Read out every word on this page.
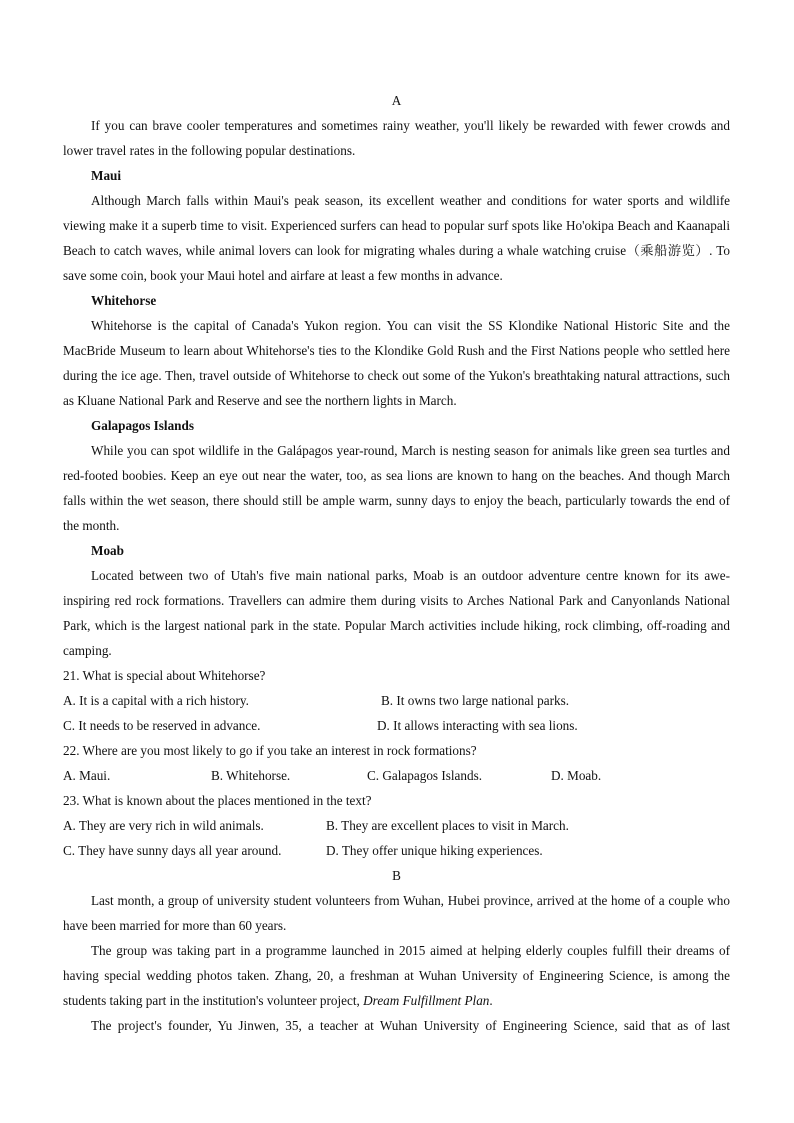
A

If you can brave cooler temperatures and sometimes rainy weather, you'll likely be rewarded with fewer crowds and lower travel rates in the following popular destinations.

Maui

Although March falls within Maui's peak season, its excellent weather and conditions for water sports and wildlife viewing make it a superb time to visit. Experienced surfers can head to popular surf spots like Ho'okipa Beach and Kaanapali Beach to catch waves, while animal lovers can look for migrating whales during a whale watching cruise（乘船游览）. To save some coin, book your Maui hotel and airfare at least a few months in advance.

Whitehorse

Whitehorse is the capital of Canada's Yukon region. You can visit the SS Klondike National Historic Site and the MacBride Museum to learn about Whitehorse's ties to the Klondike Gold Rush and the First Nations people who settled here during the ice age. Then, travel outside of Whitehorse to check out some of the Yukon's breathtaking natural attractions, such as Kluane National Park and Reserve and see the northern lights in March.

Galapagos Islands

While you can spot wildlife in the Galápagos year-round, March is nesting season for animals like green sea turtles and red-footed boobies. Keep an eye out near the water, too, as sea lions are known to hang on the beaches. And though March falls within the wet season, there should still be ample warm, sunny days to enjoy the beach, particularly towards the end of the month.

Moab

Located between two of Utah's five main national parks, Moab is an outdoor adventure centre known for its awe-inspiring red rock formations. Travellers can admire them during visits to Arches National Park and Canyonlands National Park, which is the largest national park in the state. Popular March activities include hiking, rock climbing, off-roading and camping.

21. What is special about Whitehorse?

A. It is a capital with a rich history.	B. It owns two large national parks.
C. It needs to be reserved in advance.	D. It allows interacting with sea lions.

22. Where are you most likely to go if you take an interest in rock formations?

A. Maui.	B. Whitehorse.	C. Galapagos Islands.	D. Moab.

23. What is known about the places mentioned in the text?

A. They are very rich in wild animals.	B. They are excellent places to visit in March.
C. They have sunny days all year around.	D. They offer unique hiking experiences.
B

Last month, a group of university student volunteers from Wuhan, Hubei province, arrived at the home of a couple who have been married for more than 60 years.

The group was taking part in a programme launched in 2015 aimed at helping elderly couples fulfill their dreams of having special wedding photos taken. Zhang, 20, a freshman at Wuhan University of Engineering Science, is among the students taking part in the institution's volunteer project, Dream Fulfillment Plan.

The project's founder, Yu Jinwen, 35, a teacher at Wuhan University of Engineering Science, said that as of last
